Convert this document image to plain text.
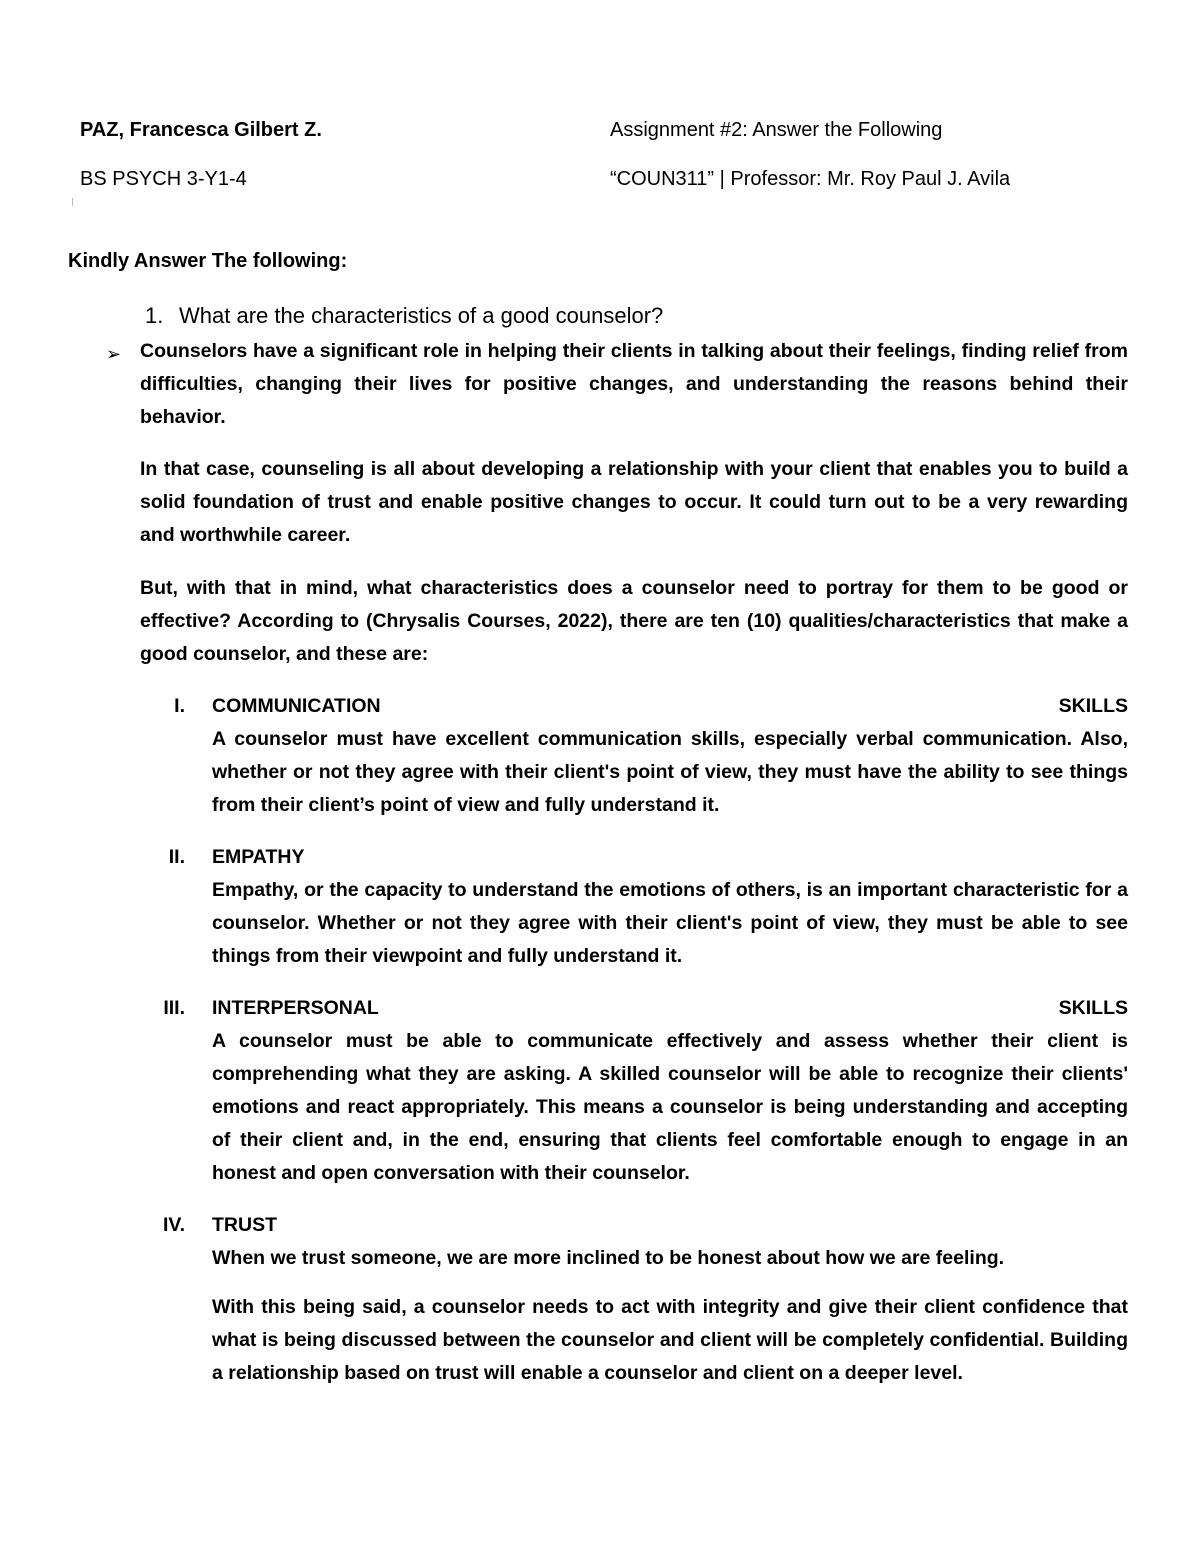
PAZ, Francesca Gilbert Z.
BS PSYCH 3-Y1-4
Assignment #2: Answer the Following
“COUN311” | Professor: Mr. Roy Paul J. Avila
Kindly Answer The following:
1. What are the characteristics of a good counselor?
➢ Counselors have a significant role in helping their clients in talking about their feelings, finding relief from difficulties, changing their lives for positive changes, and understanding the reasons behind their behavior.

In that case, counseling is all about developing a relationship with your client that enables you to build a solid foundation of trust and enable positive changes to occur. It could turn out to be a very rewarding and worthwhile career.

But, with that in mind, what characteristics does a counselor need to portray for them to be good or effective? According to (Chrysalis Courses, 2022), there are ten (10) qualities/characteristics that make a good counselor, and these are:

I. COMMUNICATION	SKILLS

A counselor must have excellent communication skills, especially verbal communication. Also, whether or not they agree with their client's point of view, they must have the ability to see things from their client’s point of view and fully understand it.

II. EMPATHY

Empathy, or the capacity to understand the emotions of others, is an important characteristic for a counselor. Whether or not they agree with their client's point of view, they must be able to see things from their viewpoint and fully understand it.

III. INTERPERSONAL	SKILLS

A counselor must be able to communicate effectively and assess whether their client is comprehending what they are asking. A skilled counselor will be able to recognize their clients' emotions and react appropriately. This means a counselor is being understanding and accepting of their client and, in the end, ensuring that clients feel comfortable enough to engage in an honest and open conversation with their counselor.

IV. TRUST

When we trust someone, we are more inclined to be honest about how we are feeling.

With this being said, a counselor needs to act with integrity and give their client confidence that what is being discussed between the counselor and client will be completely confidential. Building a relationship based on trust will enable a counselor and client on a deeper level.
